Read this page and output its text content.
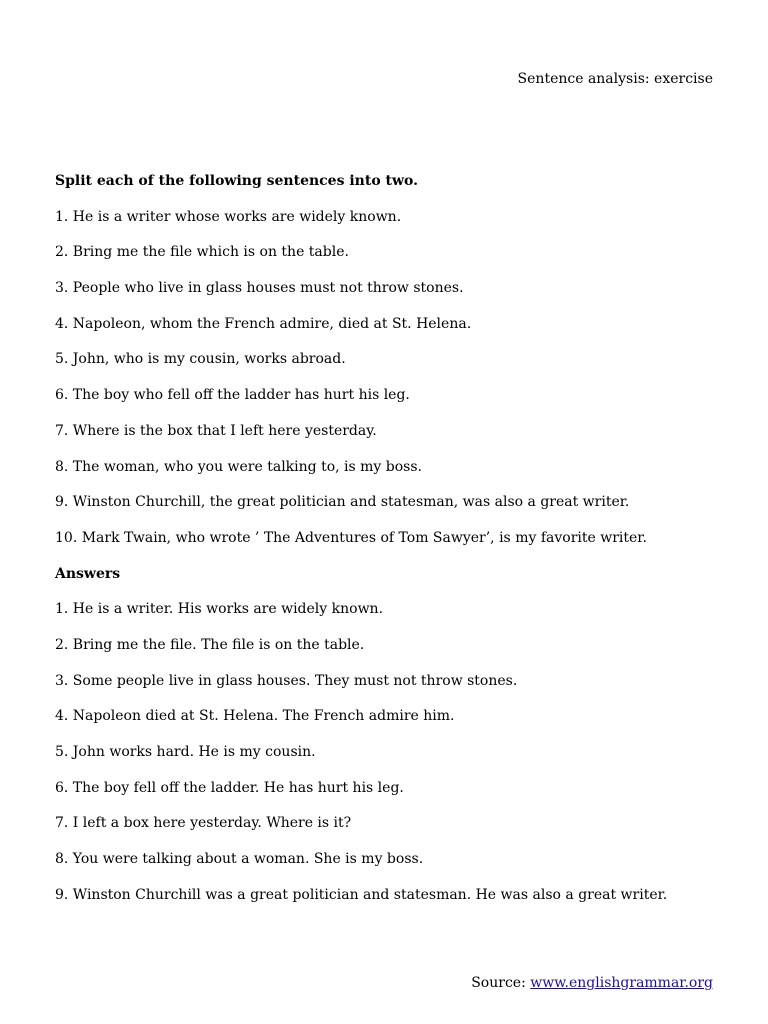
Sentence analysis: exercise
Split each of the following sentences into two.
1. He is a writer whose works are widely known.
2. Bring me the file which is on the table.
3. People who live in glass houses must not throw stones.
4. Napoleon, whom the French admire, died at St. Helena.
5. John, who is my cousin, works abroad.
6. The boy who fell off the ladder has hurt his leg.
7. Where is the box that I left here yesterday.
8. The woman, who you were talking to, is my boss.
9. Winston Churchill, the great politician and statesman, was also a great writer.
10. Mark Twain, who wrote ’ The Adventures of Tom Sawyer’, is my favorite writer.
Answers
1. He is a writer. His works are widely known.
2. Bring me the file. The file is on the table.
3. Some people live in glass houses. They must not throw stones.
4. Napoleon died at St. Helena. The French admire him.
5. John works hard. He is my cousin.
6. The boy fell off the ladder. He has hurt his leg.
7. I left a box here yesterday. Where is it?
8. You were talking about a woman. She is my boss.
9. Winston Churchill was a great politician and statesman. He was also a great writer.
Source: www.englishgrammar.org
